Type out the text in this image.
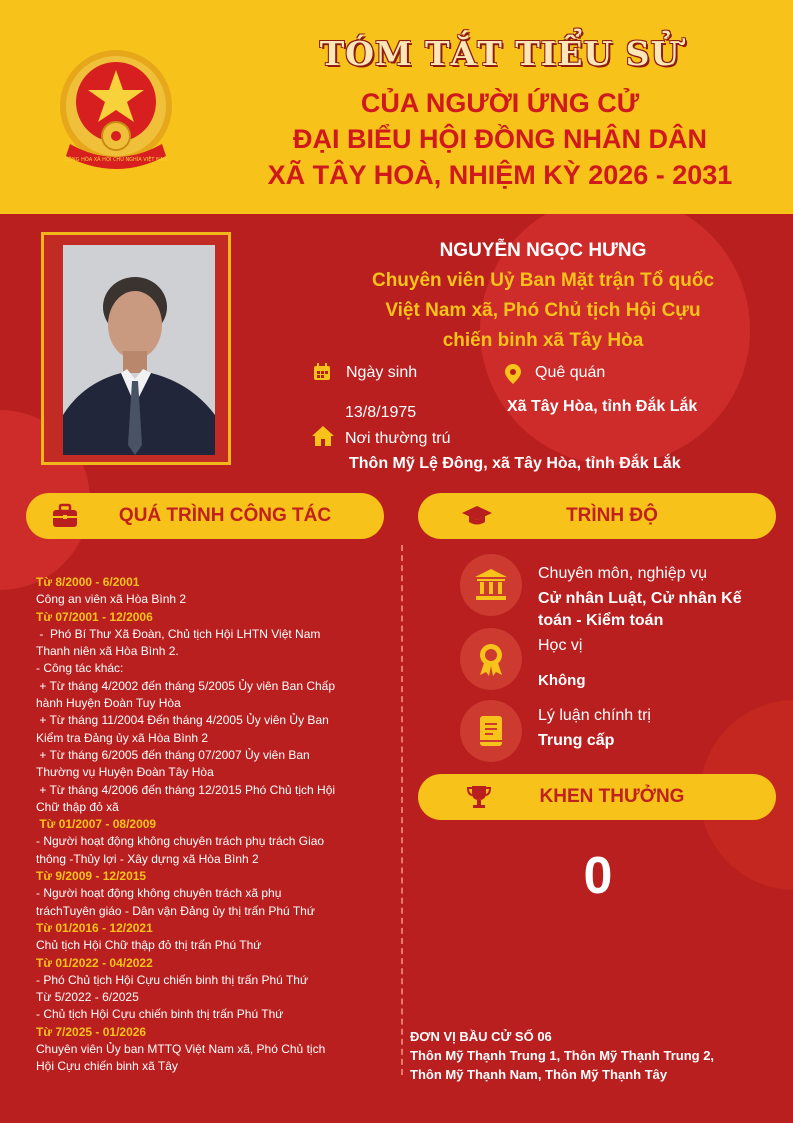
CỘNG HÒA XÃ HỘI CHỦ NGHĨA VIỆT NAM
TÓM TẮT TIỂU SỬ
CỦA NGƯỜI ỨNG CỬ
ĐẠI BIỂU HỘI ĐỒNG NHÂN DÂN
XÃ TÂY HOÀ, NHIỆM KỲ 2026 - 2031
NGUYỄN NGỌC HƯNG
Chuyên viên Uỷ Ban Mặt trận Tổ quốc
Việt Nam xã, Phó Chủ tịch Hội Cựu
chiến binh xã Tây Hòa
Ngày sinh
13/8/1975
Quê quán
Xã Tây Hòa, tỉnh Đắk Lắk
Nơi thường trú
Thôn Mỹ Lệ Đông, xã Tây Hòa, tỉnh Đắk Lắk
QUÁ TRÌNH CÔNG TÁC	TRÌNH ĐỘ
KHEN THƯỞNG
Từ 8/2000 - 6/2001
Công an viên xã Hòa Bình 2
Từ 07/2001 - 12/2006
-  Phó Bí Thư Xã Đoàn, Chủ tịch Hội LHTN Việt Nam
Thanh niên xã Hòa Bình 2.
- Công tác khác:
+ Từ tháng 4/2002 đến tháng 5/2005 Ủy viên Ban Chấp
hành Huyện Đoàn Tuy Hòa
+ Từ tháng 11/2004 Đến tháng 4/2005 Ủy viên Ủy Ban
Kiểm tra Đảng ủy xã Hòa Bình 2
+ Từ tháng 6/2005 đến tháng 07/2007 Ủy viên Ban
Thường vụ Huyện Đoàn Tây Hòa
+ Từ tháng 4/2006 đến tháng 12/2015 Phó Chủ tịch Hội
Chữ thập đỏ xã
Từ 01/2007 - 08/2009
- Người hoạt động không chuyên trách phụ trách Giao
thông -Thủy lợi - Xây dựng xã Hòa Bình 2
Từ 9/2009 - 12/2015
- Người hoạt động không chuyên trách xã phụ
tráchTuyên giáo - Dân vận Đảng ủy thị trấn Phú Thứ
Từ 01/2016 - 12/2021
Chủ tịch Hội Chữ thập đỏ thị trấn Phú Thứ
Từ 01/2022 - 04/2022
- Phó Chủ tịch Hội Cựu chiến binh thị trấn Phú Thứ
Từ 5/2022 - 6/2025
- Chủ tịch Hội Cựu chiến binh thị trấn Phú Thứ
Từ 7/2025 - 01/2026
Chuyên viên Ủy ban MTTQ Việt Nam xã, Phó Chủ tịch
Hội Cựu chiến binh xã Tây
Chuyên môn, nghiệp vụ
Cử nhân Luật, Cử nhân Kế
toán - Kiểm toán
Học vị
Không
Lý luận chính trị
Trung cấp
0
ĐƠN VỊ BẦU CỬ SỐ 06
Thôn Mỹ Thạnh Trung 1, Thôn Mỹ Thạnh Trung 2,
Thôn Mỹ Thạnh Nam, Thôn Mỹ Thạnh Tây
